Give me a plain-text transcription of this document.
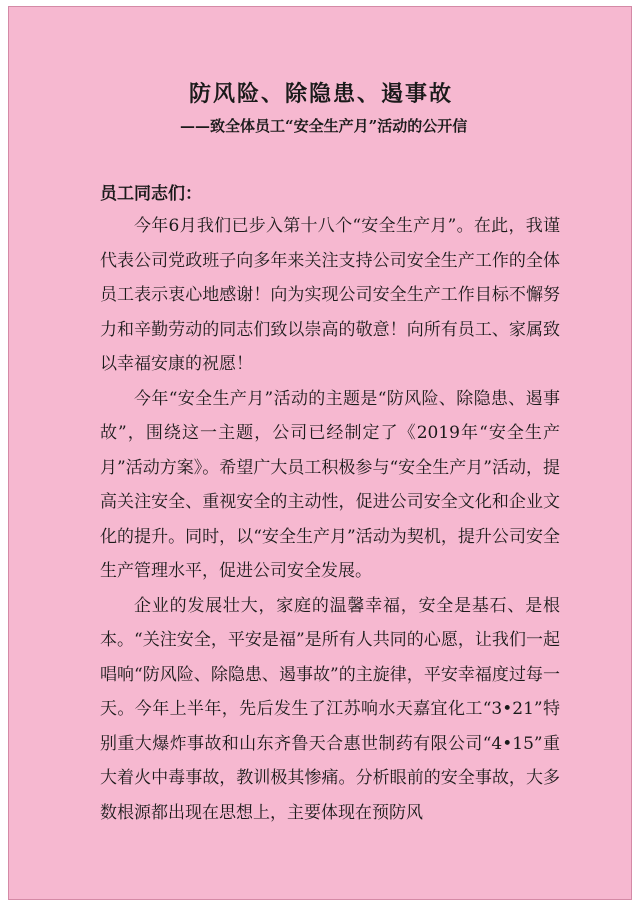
防风险、除隐患、遏事故
——致全体员工“安全生产月”活动的公开信
员工同志们：

今年6月我们已步入第十八个“安全生产月”。在此，我谨代表公司党政班子向多年来关注支持公司安全生产工作的全体员工表示衷心地感谢！向为实现公司安全生产工作目标不懈努力和辛勤劳动的同志们致以崇高的敬意！向所有员工、家属致以幸福安康的祝愿！

今年“安全生产月”活动的主题是“防风险、除隐患、遏事故”，围绕这一主题，公司已经制定了《2019年“安全生产月”活动方案》。希望广大员工积极参与“安全生产月”活动，提高关注安全、重视安全的主动性，促进公司安全文化和企业文化的提升。同时，以“安全生产月”活动为契机，提升公司安全生产管理水平，促进公司安全发展。

企业的发展壮大，家庭的温馨幸福，安全是基石、是根本。“关注安全，平安是福”是所有人共同的心愿，让我们一起唱响“防风险、除隐患、遏事故”的主旋律，平安幸福度过每一天。今年上半年，先后发生了江苏响水天嘉宜化工“3•21”特别重大爆炸事故和山东齐鲁天合惠世制药有限公司“4•15”重大着火中毒事故，教训极其惨痛。分析眼前的安全事故，大多数根源都出现在思想上，主要体现在预防风
